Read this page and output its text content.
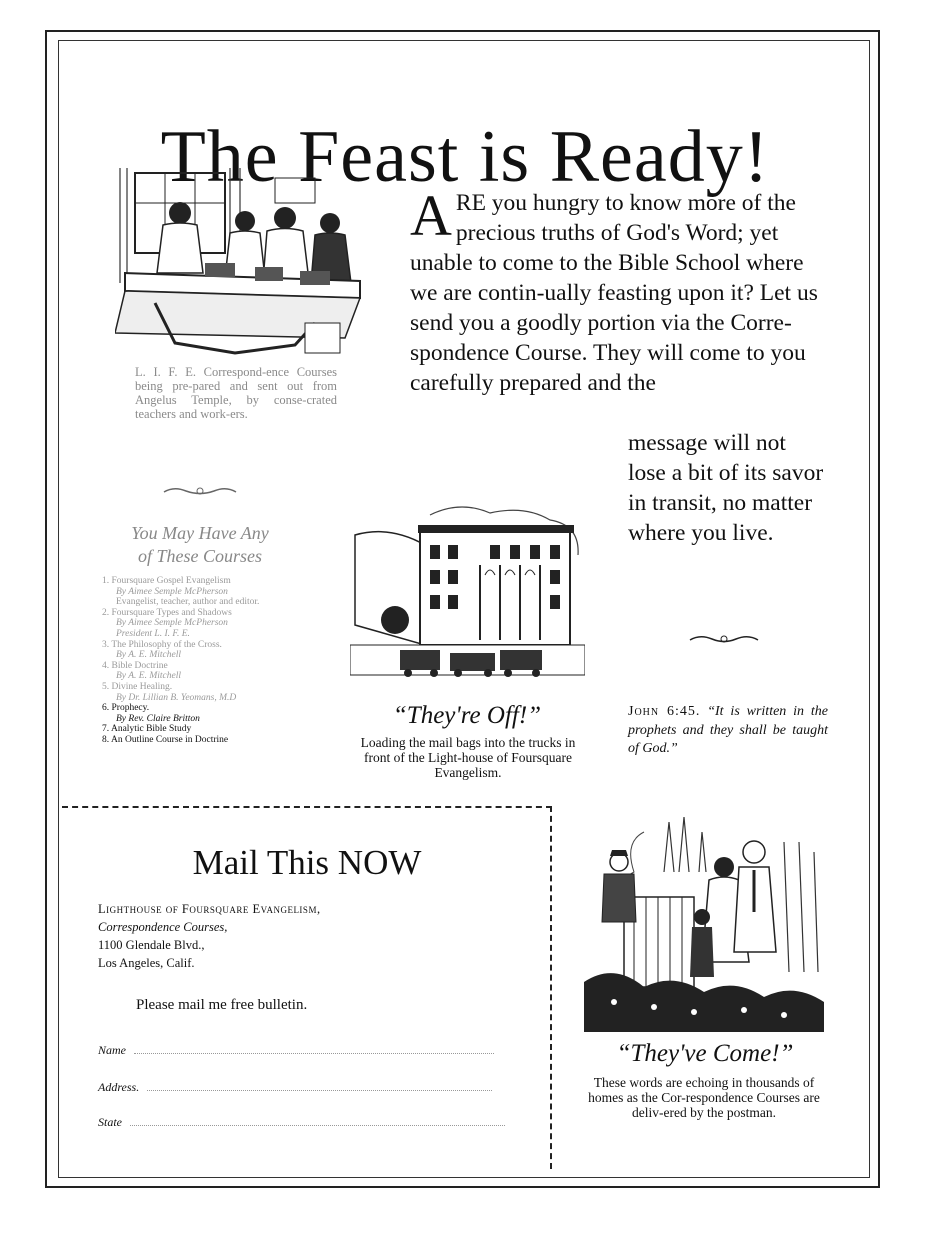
The Feast is Ready!
L. I. F. E. Correspond-ence Courses being pre-pared and sent out from Angelus Temple, by conse-crated teachers and work-ers.
You May Have Any
of These Courses
1. Foursquare Gospel Evangelism
By Aimee Semple McPherson
Evangelist, teacher, author and editor.
2. Foursquare Types and Shadows
By Aimee Semple McPherson
President L. I. F. E.
3. The Philosophy of the Cross.
By A. E. Mitchell
4. Bible Doctrine
By A. E. Mitchell
5. Divine Healing.
By Dr. Lillian B. Yeomans, M.D
6. Prophecy.
By Rev. Claire Britton
7. Analytic Bible Study
8. An Outline Course in Doctrine
ARE you hungry to know more of the precious truths of God's Word; yet unable to come to the Bible School where we are contin-ually feasting upon it? Let us send you a goodly portion via the Corre-spondence Course. They will come to you carefully prepared and the
message will not lose a bit of its savor in transit, no matter where you live.
“They're Off!”
Loading the mail bags into the trucks in front of the Light-house of Foursquare Evangelism.
John 6:45. “It is written in the prophets and they shall be taught of God.”
Mail This NOW
Lighthouse of Foursquare Evangelism,
Correspondence Courses,
1100 Glendale Blvd.,
Los Angeles, Calif.
Please mail me free bulletin.
Name
Address.
State
“They've Come!”
These words are echoing in thousands of homes as the Cor-respondence Courses are deliv-ered by the postman.
